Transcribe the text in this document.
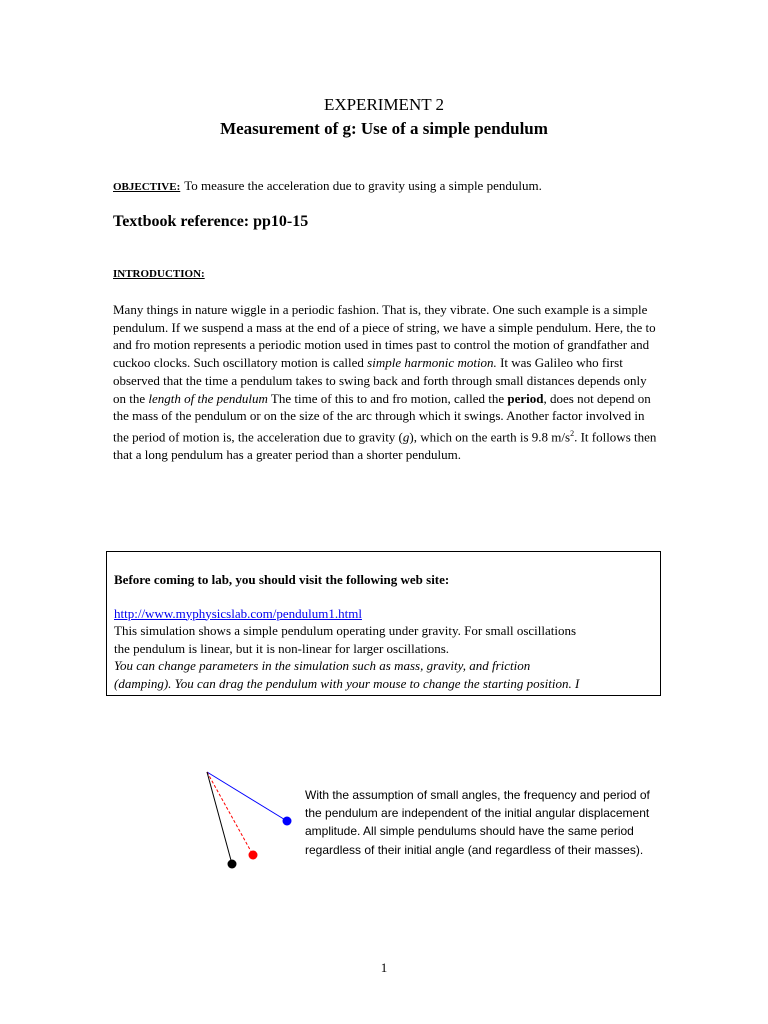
EXPERIMENT 2
Measurement of g: Use of a simple pendulum
OBJECTIVE: To measure the acceleration due to gravity using a simple pendulum.
Textbook reference: pp10-15
INTRODUCTION:

Many things in nature wiggle in a periodic fashion. That is, they vibrate. One such example is a simple pendulum. If we suspend a mass at the end of a piece of string, we have a simple pendulum. Here, the to and fro motion represents a periodic motion used in times past to control the motion of grandfather and cuckoo clocks. Such oscillatory motion is called simple harmonic motion. It was Galileo who first observed that the time a pendulum takes to swing back and forth through small distances depends only on the length of the pendulum The time of this to and fro motion, called the period, does not depend on the mass of the pendulum or on the size of the arc through which it swings. Another factor involved in the period of motion is, the acceleration due to gravity (g), which on the earth is 9.8 $m/s^2$. It follows then that a long pendulum has a greater period than a shorter pendulum.

Before coming to lab, you should visit the following web site:
http://www.myphysicslab.com/pendulum1.html
This simulation shows a simple pendulum operating under gravity. For small oscillations
the pendulum is linear, but it is non-linear for larger oscillations.
You can change parameters in the simulation such as mass, gravity, and friction
(damping). You can drag the pendulum with your mouse to change the starting position. I
With the assumption of small angles, the frequency and period of the pendulum are independent of the initial angular displacement amplitude. All simple pendulums should have the same period regardless of their initial angle (and regardless of their masses).
1
